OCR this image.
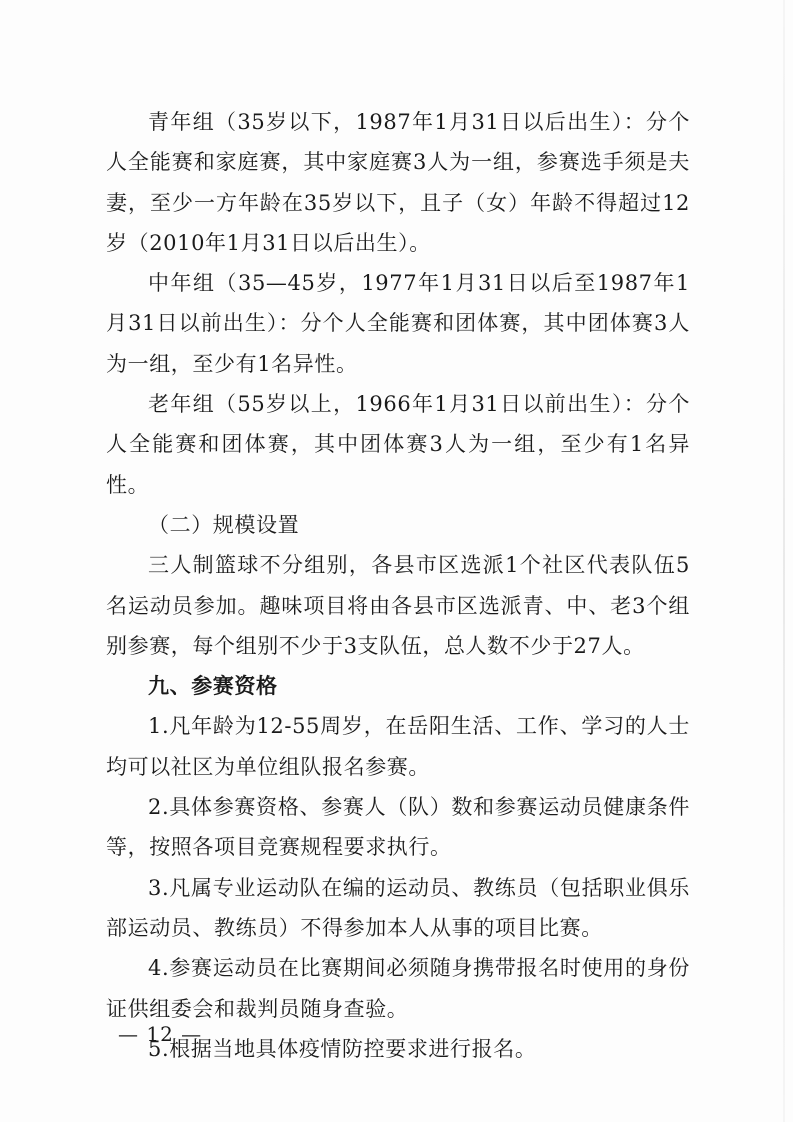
青年组（35岁以下，1987年1月31日以后出生）：分个人全能赛和家庭赛，其中家庭赛3人为一组，参赛选手须是夫妻，至少一方年龄在35岁以下，且子（女）年龄不得超过12岁（2010年1月31日以后出生）。

中年组（35—45岁，1977年1月31日以后至1987年1月31日以前出生）：分个人全能赛和团体赛，其中团体赛3人为一组，至少有1名异性。

老年组（55岁以上，1966年1月31日以前出生）：分个人全能赛和团体赛，其中团体赛3人为一组，至少有1名异性。

（二）规模设置

三人制篮球不分组别，各县市区选派1个社区代表队伍5名运动员参加。趣味项目将由各县市区选派青、中、老3个组别参赛，每个组别不少于3支队伍，总人数不少于27人。

九、参赛资格

1.凡年龄为12-55周岁，在岳阳生活、工作、学习的人士均可以社区为单位组队报名参赛。

2.具体参赛资格、参赛人（队）数和参赛运动员健康条件等，按照各项目竞赛规程要求执行。

3.凡属专业运动队在编的运动员、教练员（包括职业俱乐部运动员、教练员）不得参加本人从事的项目比赛。

4.参赛运动员在比赛期间必须随身携带报名时使用的身份证供组委会和裁判员随身查验。

5.根据当地具体疫情防控要求进行报名。

— 12 —
